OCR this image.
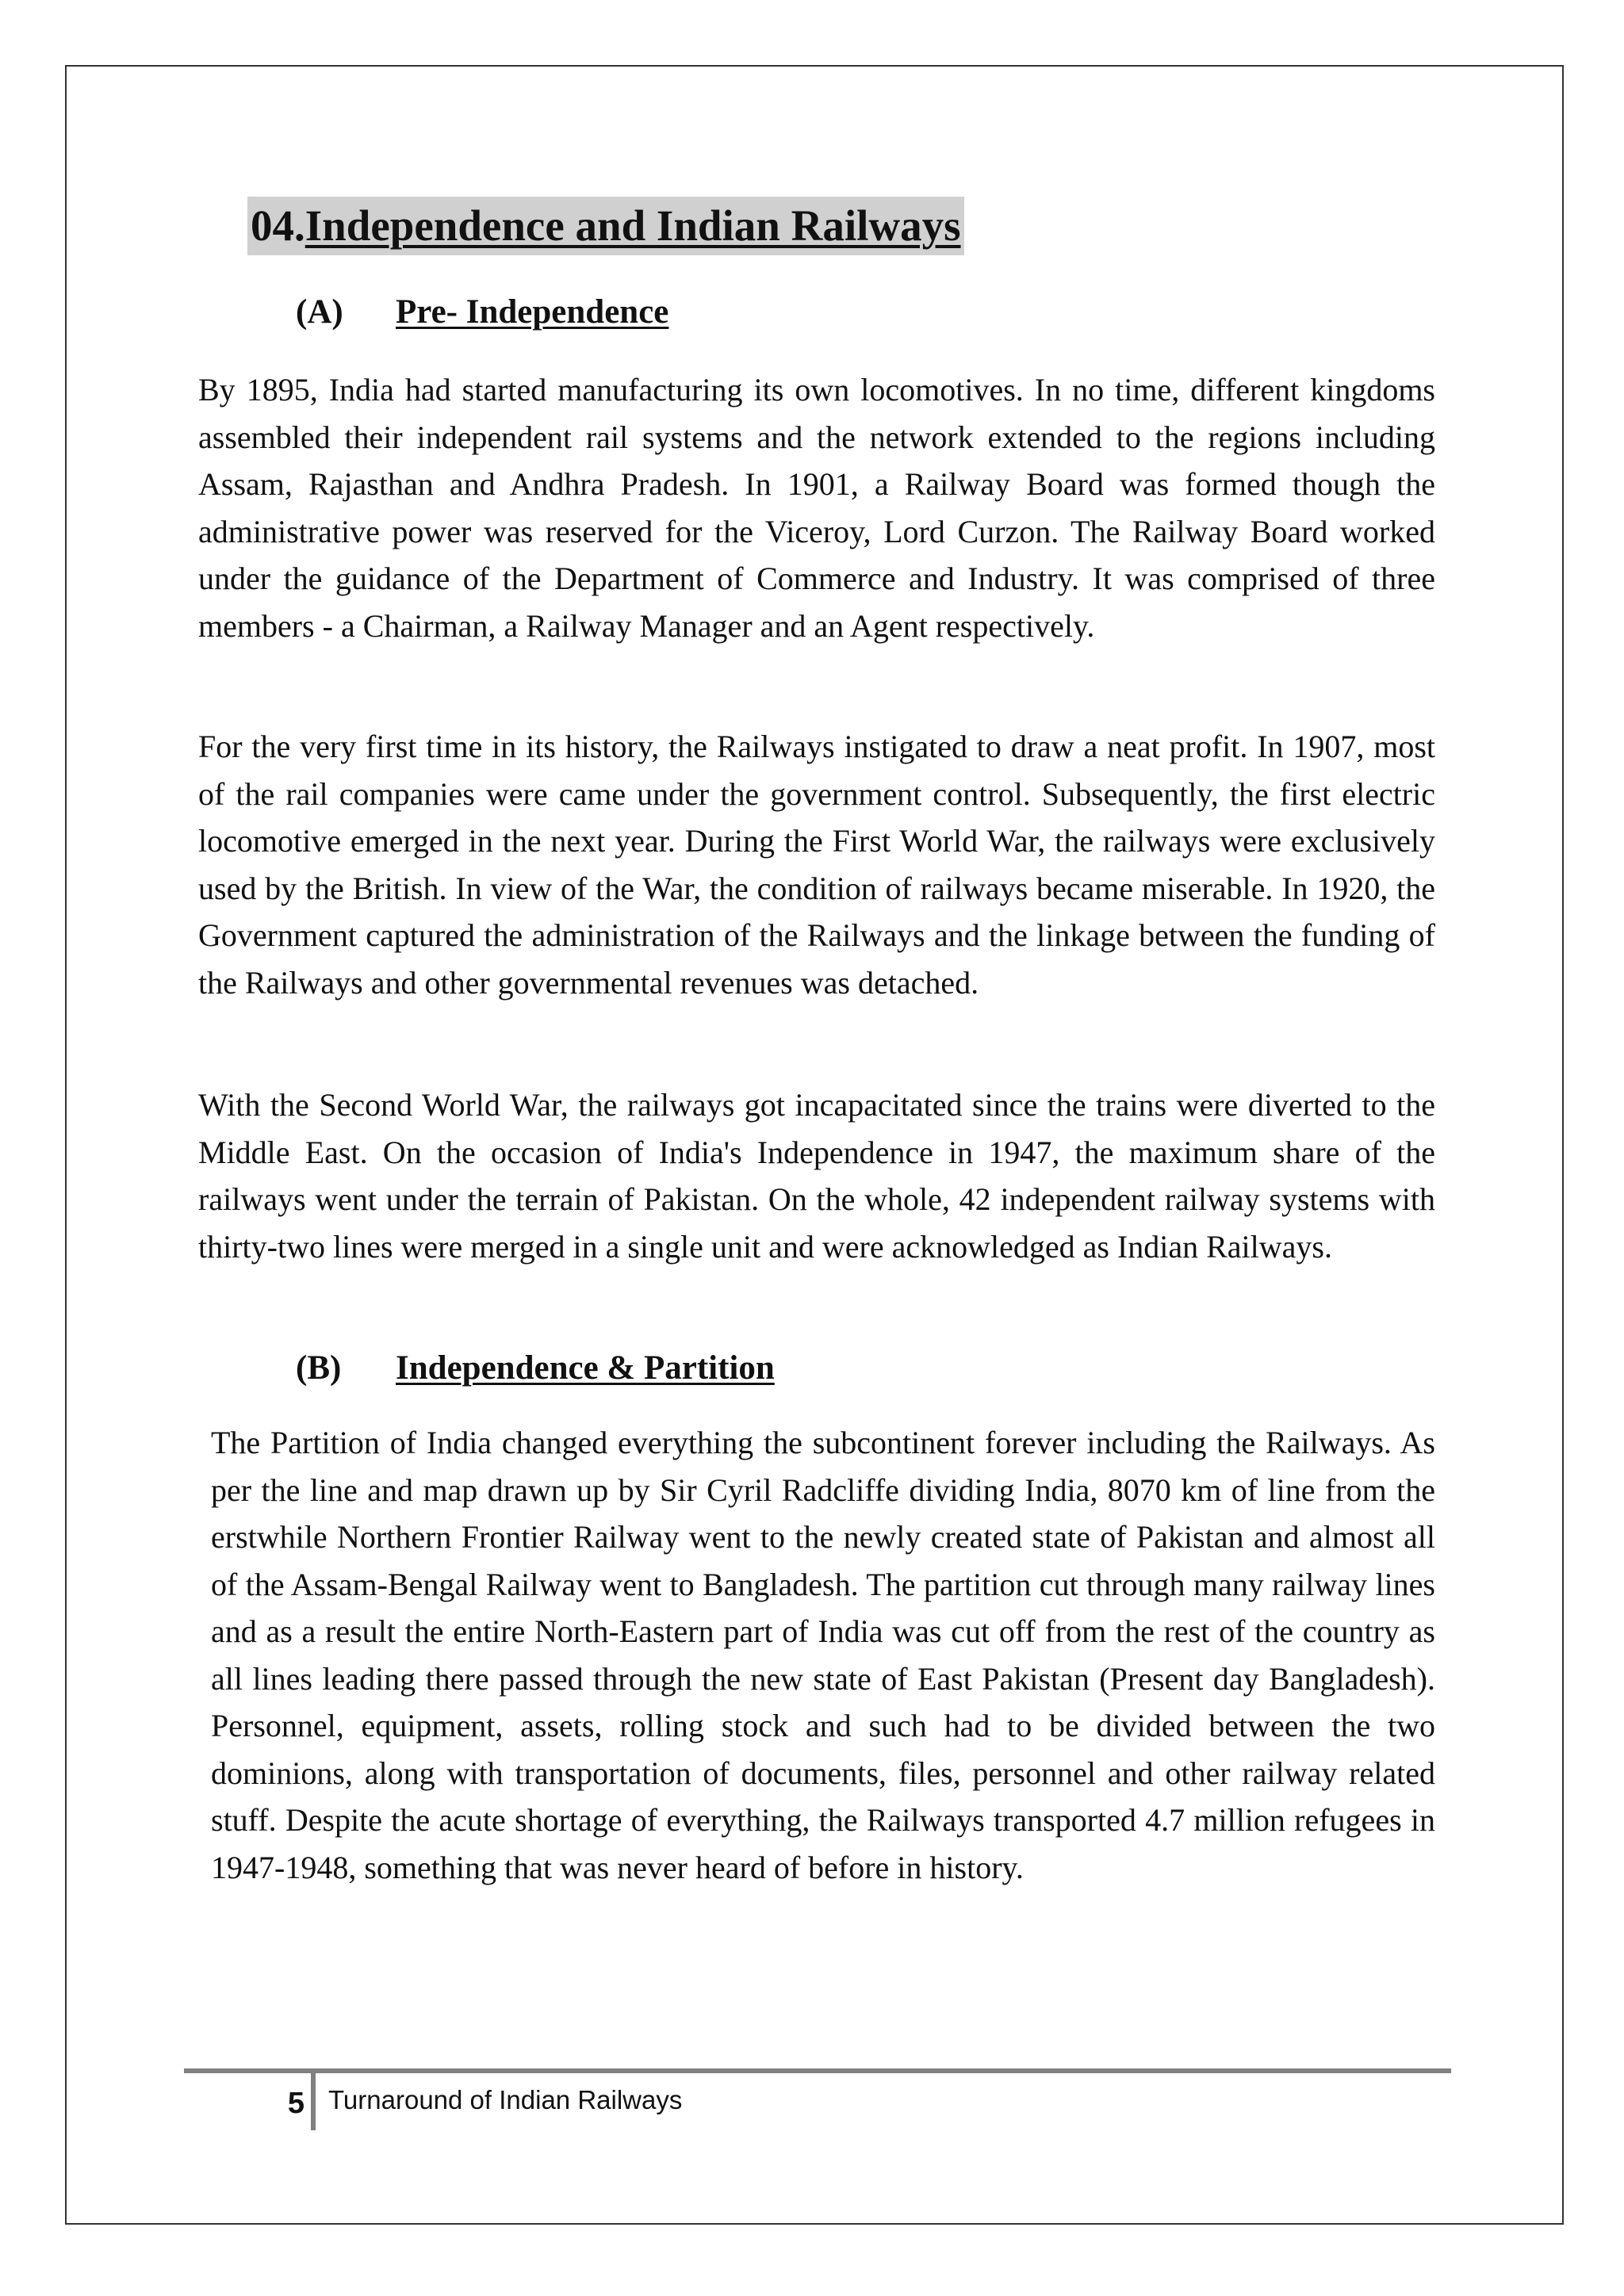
04.Independence and Indian Railways
(A) Pre- Independence

By 1895, India had started manufacturing its own locomotives. In no time, different kingdoms assembled their independent rail systems and the network extended to the regions including Assam, Rajasthan and Andhra Pradesh. In 1901, a Railway Board was formed though the administrative power was reserved for the Viceroy, Lord Curzon. The Railway Board worked under the guidance of the Department of Commerce and Industry. It was comprised of three members - a Chairman, a Railway Manager and an Agent respectively.

For the very first time in its history, the Railways instigated to draw a neat profit. In 1907, most of the rail companies were came under the government control. Subsequently, the first electric locomotive emerged in the next year. During the First World War, the railways were exclusively used by the British. In view of the War, the condition of railways became miserable. In 1920, the Government captured the administration of the Railways and the linkage between the funding of the Railways and other governmental revenues was detached.

With the Second World War, the railways got incapacitated since the trains were diverted to the Middle East. On the occasion of India's Independence in 1947, the maximum share of the railways went under the terrain of Pakistan. On the whole, 42 independent railway systems with thirty-two lines were merged in a single unit and were acknowledged as Indian Railways.

(B) Independence & Partition

The Partition of India changed everything the subcontinent forever including the Railways. As per the line and map drawn up by Sir Cyril Radcliffe dividing India, 8070 km of line from the erstwhile Northern Frontier Railway went to the newly created state of Pakistan and almost all of the Assam-Bengal Railway went to Bangladesh. The partition cut through many railway lines and as a result the entire North-Eastern part of India was cut off from the rest of the country as all lines leading there passed through the new state of East Pakistan (Present day Bangladesh). Personnel, equipment, assets, rolling stock and such had to be divided between the two dominions, along with transportation of documents, files, personnel and other railway related stuff. Despite the acute shortage of everything, the Railways transported 4.7 million refugees in 1947-1948, something that was never heard of before in history.

5 Turnaround of Indian Railways
